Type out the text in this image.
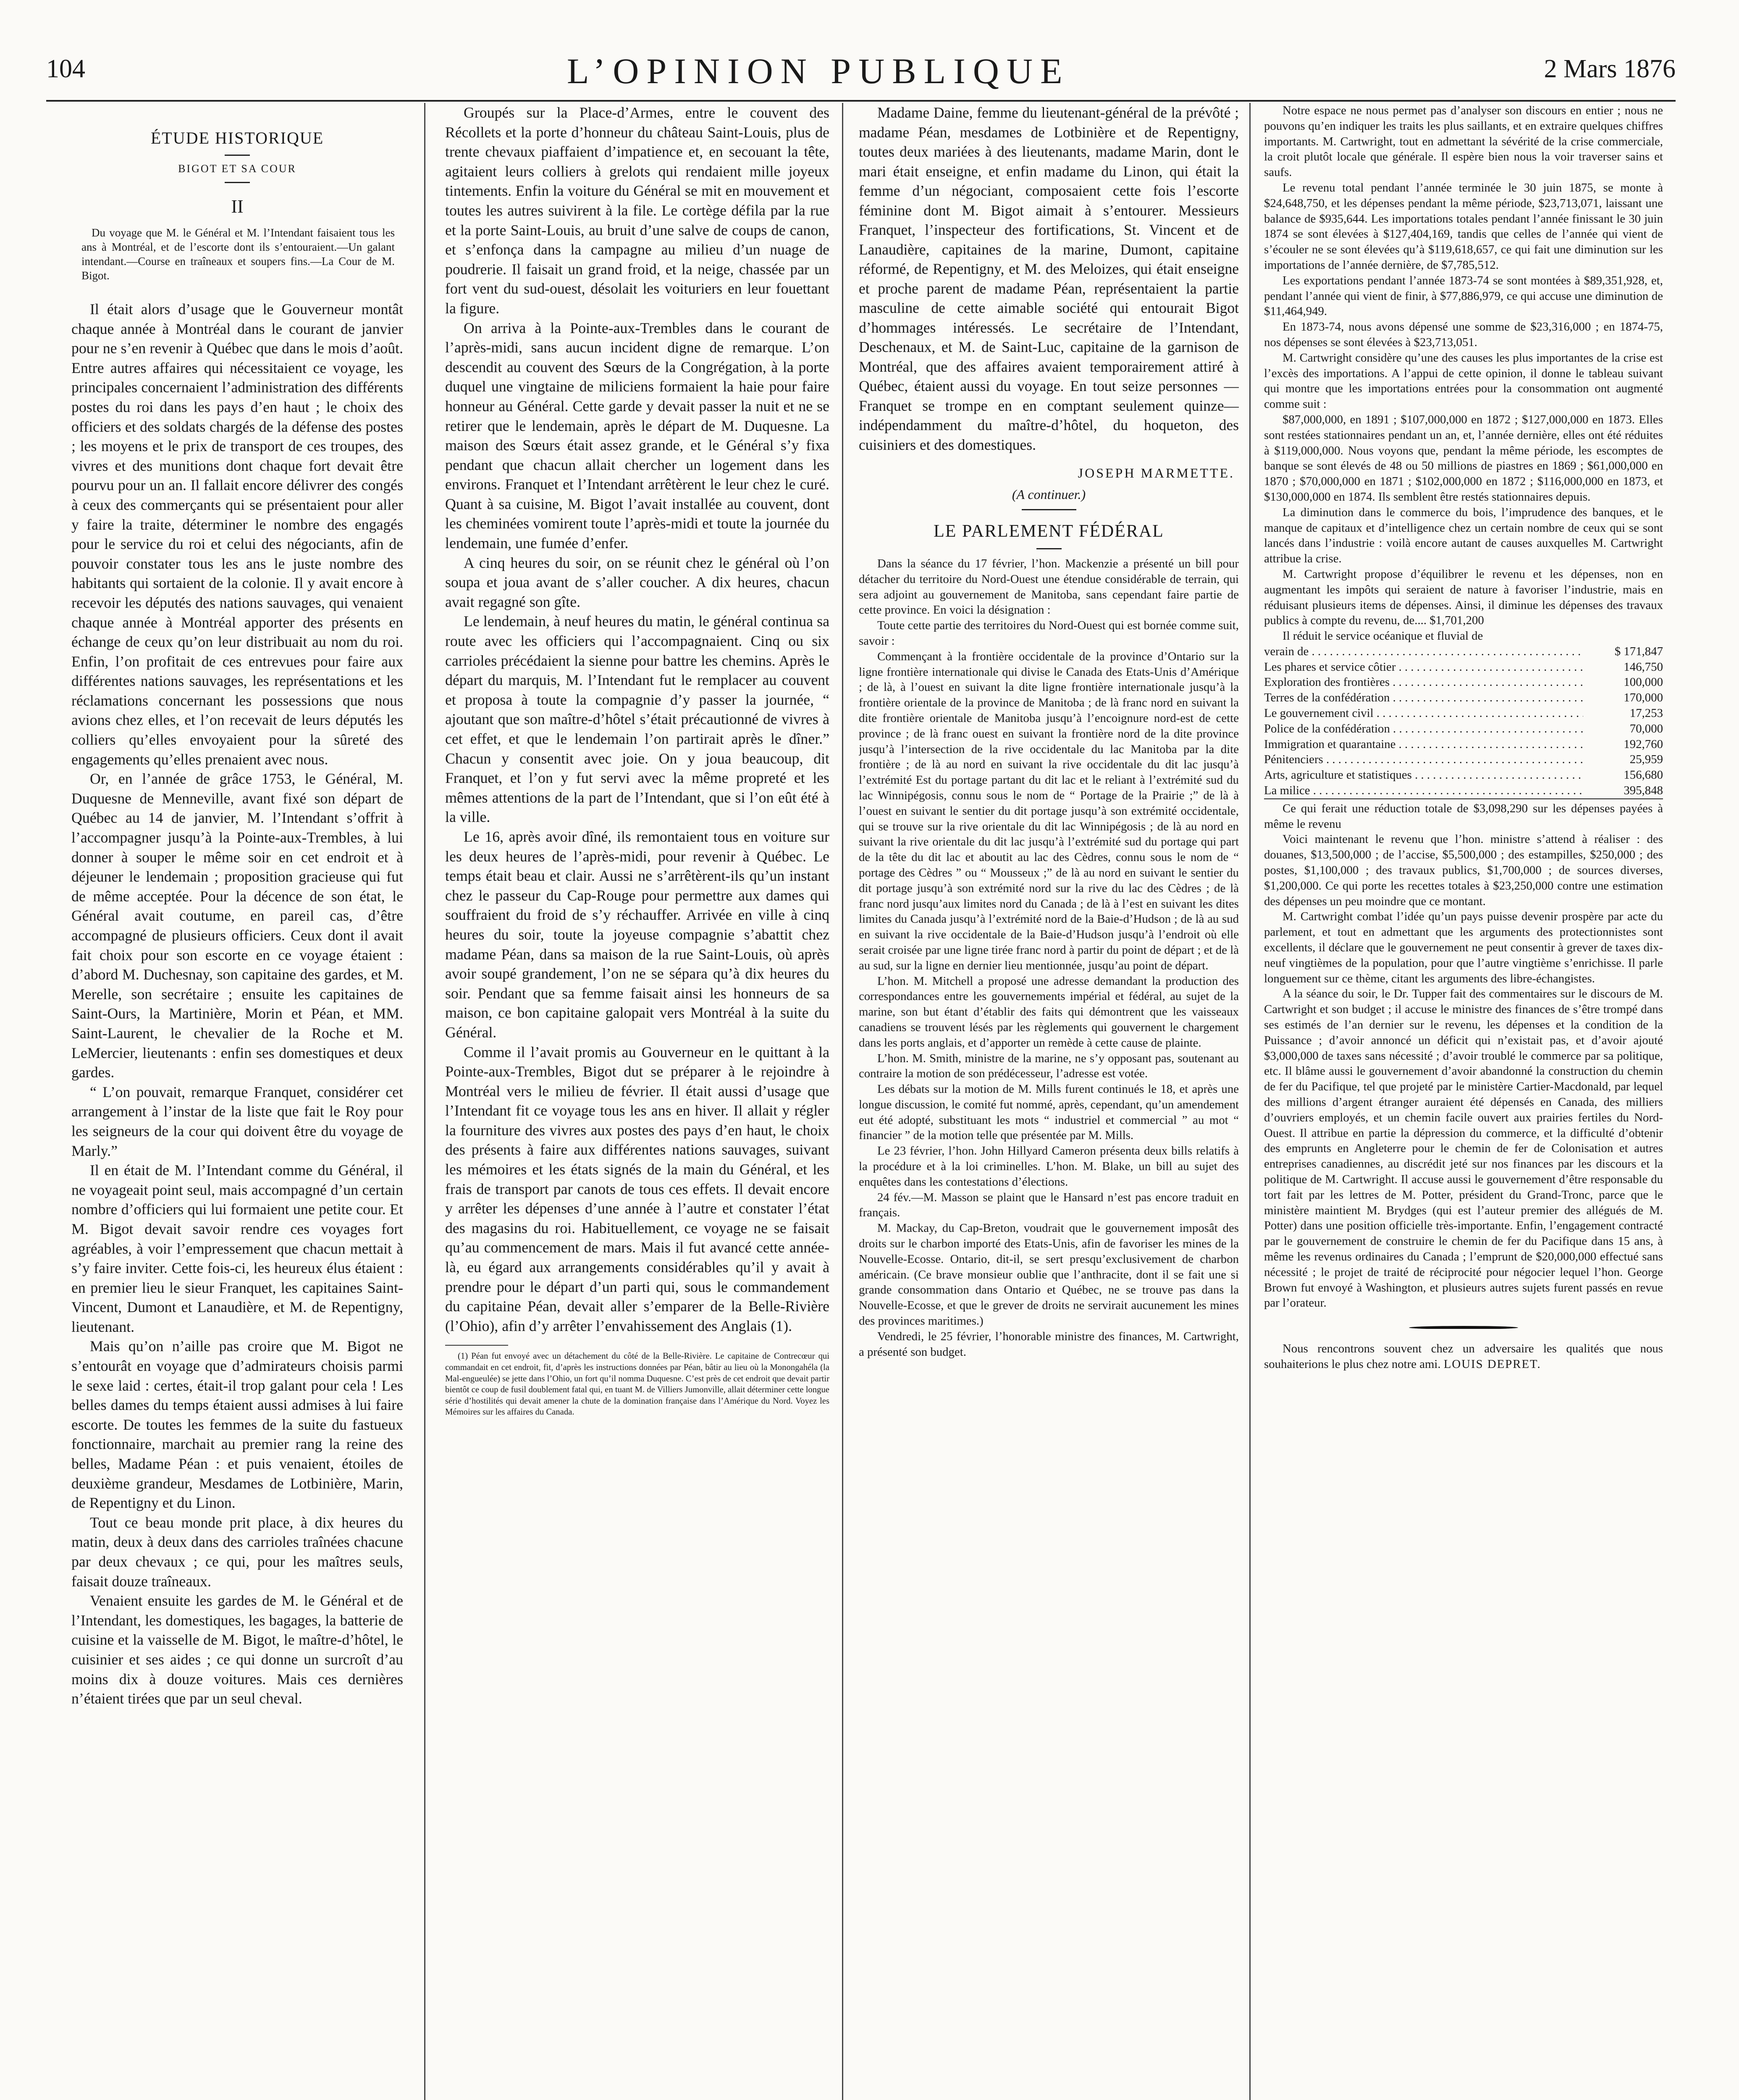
104	L’OPINION PUBLIQUE	2 Mars 1876
ÉTUDE HISTORIQUE
BIGOT ET SA COUR
II
Du voyage que M. le Général et M. l’Intendant faisaient tous les ans à Montréal, et de l’escorte dont ils s’entouraient.—Un galant intendant.—Course en traîneaux et soupers fins.—La Cour de M. Bigot.

Il était alors d’usage que le Gouverneur montât chaque année à Montréal dans le courant de janvier pour ne s’en revenir à Québec que dans le mois d’août. Entre autres affaires qui nécessitaient ce voyage, les principales concernaient l’administration des différents postes du roi dans les pays d’en haut ; le choix des officiers et des soldats chargés de la défense des postes ; les moyens et le prix de transport de ces troupes, des vivres et des munitions dont chaque fort devait être pourvu pour un an. Il fallait encore délivrer des congés à ceux des commerçants qui se présentaient pour aller y faire la traite, déterminer le nombre des engagés pour le service du roi et celui des négociants, afin de pouvoir constater tous les ans le juste nombre des habitants qui sortaient de la colonie. Il y avait encore à recevoir les députés des nations sauvages, qui venaient chaque année à Montréal apporter des présents en échange de ceux qu’on leur distribuait au nom du roi. Enfin, l’on profitait de ces entrevues pour faire aux différentes nations sauvages, les représentations et les réclamations concernant les possessions que nous avions chez elles, et l’on recevait de leurs députés les colliers qu’elles envoyaient pour la sûreté des engagements qu’elles prenaient avec nous.

Or, en l’année de grâce 1753, le Général, M. Duquesne de Menneville, avant fixé son départ de Québec au 14 de janvier, M. l’Intendant s’offrit à l’accompagner jusqu’à la Pointe-aux-Trembles, à lui donner à souper le même soir en cet endroit et à déjeuner le lendemain ; proposition gracieuse qui fut de même acceptée. Pour la décence de son état, le Général avait coutume, en pareil cas, d’être accompagné de plusieurs officiers. Ceux dont il avait fait choix pour son escorte en ce voyage étaient : d’abord M. Duchesnay, son capitaine des gardes, et M. Merelle, son secrétaire ; ensuite les capitaines de Saint-Ours, la Martinière, Morin et Péan, et MM. Saint-Laurent, le chevalier de la Roche et M. LeMercier, lieutenants : enfin ses domestiques et deux gardes.

“ L’on pouvait, remarque Franquet, considérer cet arrangement à l’instar de la liste que fait le Roy pour les seigneurs de la cour qui doivent être du voyage de Marly.”

Il en était de M. l’Intendant comme du Général, il ne voyageait point seul, mais accompagné d’un certain nombre d’officiers qui lui formaient une petite cour. Et M. Bigot devait savoir rendre ces voyages fort agréables, à voir l’empressement que chacun mettait à s’y faire inviter. Cette fois-ci, les heureux élus étaient : en premier lieu le sieur Franquet, les capitaines Saint-Vincent, Dumont et Lanaudière, et M. de Repentigny, lieutenant.

Mais qu’on n’aille pas croire que M. Bigot ne s’entourât en voyage que d’admirateurs choisis parmi le sexe laid : certes, était-il trop galant pour cela ! Les belles dames du temps étaient aussi admises à lui faire escorte. De toutes les femmes de la suite du fastueux fonctionnaire, marchait au premier rang la reine des belles, Madame Péan : et puis venaient, étoiles de deuxième grandeur, Mesdames de Lotbinière, Marin, de Repentigny et du Linon.

Tout ce beau monde prit place, à dix heures du matin, deux à deux dans des carrioles traînées chacune par deux chevaux ; ce qui, pour les maîtres seuls, faisait douze traîneaux.

Venaient ensuite les gardes de M. le Général et de l’Intendant, les domestiques, les bagages, la batterie de cuisine et la vaisselle de M. Bigot, le maître-d’hôtel, le cuisinier et ses aides ; ce qui donne un surcroît d’au moins dix à douze voitures. Mais ces dernières n’étaient tirées que par un seul cheval.

Groupés sur la Place-d’Armes, entre le couvent des Récollets et la porte d’honneur du château Saint-Louis, plus de trente chevaux piaffaient d’impatience et, en secouant la tête, agitaient leurs colliers à grelots qui rendaient mille joyeux tintements. Enfin la voiture du Général se mit en mouvement et toutes les autres suivirent à la file. Le cortège défila par la rue et la porte Saint-Louis, au bruit d’une salve de coups de canon, et s’enfonça dans la campagne au milieu d’un nuage de poudrerie. Il faisait un grand froid, et la neige, chassée par un fort vent du sud-ouest, désolait les voituriers en leur fouettant la figure.

On arriva à la Pointe-aux-Trembles dans le courant de l’après-midi, sans aucun incident digne de remarque. L’on descendit au couvent des Sœurs de la Congrégation, à la porte duquel une vingtaine de miliciens formaient la haie pour faire honneur au Général. Cette garde y devait passer la nuit et ne se retirer que le lendemain, après le départ de M. Duquesne. La maison des Sœurs était assez grande, et le Général s’y fixa pendant que chacun allait chercher un logement dans les environs. Franquet et l’Intendant arrêtèrent le leur chez le curé. Quant à sa cuisine, M. Bigot l’avait installée au couvent, dont les cheminées vomirent toute l’après-midi et toute la journée du lendemain, une fumée d’enfer.

A cinq heures du soir, on se réunit chez le général où l’on soupa et joua avant de s’aller coucher. A dix heures, chacun avait regagné son gîte.

Le lendemain, à neuf heures du matin, le général continua sa route avec les officiers qui l’accompagnaient. Cinq ou six carrioles précédaient la sienne pour battre les chemins. Après le départ du marquis, M. l’Intendant fut le remplacer au couvent et proposa à toute la compagnie d’y passer la journée, “ ajoutant que son maître-d’hôtel s’était précautionné de vivres à cet effet, et que le lendemain l’on partirait après le dîner.” Chacun y consentit avec joie. On y joua beaucoup, dit Franquet, et l’on y fut servi avec la même propreté et les mêmes attentions de la part de l’Intendant, que si l’on eût été à la ville.

Le 16, après avoir dîné, ils remontaient tous en voiture sur les deux heures de l’après-midi, pour revenir à Québec. Le temps était beau et clair. Aussi ne s’arrêtèrent-ils qu’un instant chez le passeur du Cap-Rouge pour permettre aux dames qui souffraient du froid de s’y réchauffer. Arrivée en ville à cinq heures du soir, toute la joyeuse compagnie s’abattit chez madame Péan, dans sa maison de la rue Saint-Louis, où après avoir soupé grandement, l’on ne se sépara qu’à dix heures du soir. Pendant que sa femme faisait ainsi les honneurs de sa maison, ce bon capitaine galopait vers Montréal à la suite du Général.

Comme il l’avait promis au Gouverneur en le quittant à la Pointe-aux-Trembles, Bigot dut se préparer à le rejoindre à Montréal vers le milieu de février. Il était aussi d’usage que l’Intendant fit ce voyage tous les ans en hiver. Il allait y régler la fourniture des vivres aux postes des pays d’en haut, le choix des présents à faire aux différentes nations sauvages, suivant les mémoires et les états signés de la main du Général, et les frais de transport par canots de tous ces effets. Il devait encore y arrêter les dépenses d’une année à l’autre et constater l’état des magasins du roi. Habituellement, ce voyage ne se faisait qu’au commencement de mars. Mais il fut avancé cette année-là, eu égard aux arrangements considérables qu’il y avait à prendre pour le départ d’un parti qui, sous le commandement du capitaine Péan, devait aller s’emparer de la Belle-Rivière (l’Ohio), afin d’y arrêter l’envahissement des Anglais (1).

(1) Péan fut envoyé avec un détachement du côté de la Belle-Rivière. Le capitaine de Contrecœur qui commandait en cet endroit, fit, d’après les instructions données par Péan, bâtir au lieu où la Monongahéla (la Mal-engueulée) se jette dans l’Ohio, un fort qu’il nomma Duquesne. C’est près de cet endroit que devait partir bientôt ce coup de fusil doublement fatal qui, en tuant M. de Villiers Jumonville, allait déterminer cette longue série d’hostilités qui devait amener la chute de la domination française dans l’Amérique du Nord. Voyez les Mémoires sur les affaires du Canada.

Madame Daine, femme du lieutenant-général de la prévôté ; madame Péan, mesdames de Lotbinière et de Repentigny, toutes deux mariées à des lieutenants, madame Marin, dont le mari était enseigne, et enfin madame du Linon, qui était la femme d’un négociant, composaient cette fois l’escorte féminine dont M. Bigot aimait à s’entourer. Messieurs Franquet, l’inspecteur des fortifications, St. Vincent et de Lanaudière, capitaines de la marine, Dumont, capitaine réformé, de Repentigny, et M. des Meloizes, qui était enseigne et proche parent de madame Péan, représentaient la partie masculine de cette aimable société qui entourait Bigot d’hommages intéressés. Le secrétaire de l’Intendant, Deschenaux, et M. de Saint-Luc, capitaine de la garnison de Montréal, que des affaires avaient temporairement attiré à Québec, étaient aussi du voyage. En tout seize personnes — Franquet se trompe en en comptant seulement quinze—indépendamment du maître-d’hôtel, du hoqueton, des cuisiniers et des domestiques.

JOSEPH MARMETTE.
(A continuer.)
LE PARLEMENT FÉDÉRAL

Dans la séance du 17 février, l’hon. Mackenzie a présenté un bill pour détacher du territoire du Nord-Ouest une étendue considérable de terrain, qui sera adjoint au gouvernement de Manitoba, sans cependant faire partie de cette province. En voici la désignation :

Toute cette partie des territoires du Nord-Ouest qui est bornée comme suit, savoir :

Commençant à la frontière occidentale de la province d’Ontario sur la ligne frontière internationale qui divise le Canada des Etats-Unis d’Amérique ; de là, à l’ouest en suivant la dite ligne frontière internationale jusqu’à la frontière orientale de la province de Manitoba ; de là franc nord en suivant la dite frontière orientale de Manitoba jusqu’à l’encoignure nord-est de cette province ; de là franc ouest en suivant la frontière nord de la dite province jusqu’à l’intersection de la rive occidentale du lac Manitoba par la dite frontière ; de là au nord en suivant la rive occidentale du dit lac jusqu’à l’extrémité Est du portage partant du dit lac et le reliant à l’extrémité sud du lac Winnipégosis, connu sous le nom de “ Portage de la Prairie ;” de là à l’ouest en suivant le sentier du dit portage jusqu’à son extrémité occidentale, qui se trouve sur la rive orientale du dit lac Winnipégosis ; de là au nord en suivant la rive orientale du dit lac jusqu’à l’extrémité sud du portage qui part de la tête du dit lac et aboutit au lac des Cèdres, connu sous le nom de “ portage des Cèdres ” ou “ Mousseux ;” de là au nord en suivant le sentier du dit portage jusqu’à son extrémité nord sur la rive du lac des Cèdres ; de là franc nord jusqu’aux limites nord du Canada ; de là à l’est en suivant les dites limites du Canada jusqu’à l’extrémité nord de la Baie-d’Hudson ; de là au sud en suivant la rive occidentale de la Baie-d’Hudson jusqu’à l’endroit où elle serait croisée par une ligne tirée franc nord à partir du point de départ ; et de là au sud, sur la ligne en dernier lieu mentionnée, jusqu’au point de départ.

L’hon. M. Mitchell a proposé une adresse demandant la production des correspondances entre les gouvernements impérial et fédéral, au sujet de la marine, son but étant d’établir des faits qui démontrent que les vaisseaux canadiens se trouvent lésés par les règlements qui gouvernent le chargement dans les ports anglais, et d’apporter un remède à cette cause de plainte.

L’hon. M. Smith, ministre de la marine, ne s’y opposant pas, soutenant au contraire la motion de son prédécesseur, l’adresse est votée.

Les débats sur la motion de M. Mills furent continués le 18, et après une longue discussion, le comité fut nommé, après, cependant, qu’un amendement eut été adopté, substituant les mots “ industriel et commercial ” au mot “ financier ” de la motion telle que présentée par M. Mills.

Le 23 février, l’hon. John Hillyard Cameron présenta deux bills relatifs à la procédure et à la loi criminelles. L’hon. M. Blake, un bill au sujet des enquêtes dans les contestations d’élections.

24 fév.—M. Masson se plaint que le Hansard n’est pas encore traduit en français.

M. Mackay, du Cap-Breton, voudrait que le gouvernement imposât des droits sur le charbon importé des Etats-Unis, afin de favoriser les mines de la Nouvelle-Ecosse. Ontario, dit-il, se sert presqu’exclusivement de charbon américain. (Ce brave monsieur oublie que l’anthracite, dont il se fait une si grande consommation dans Ontario et Québec, ne se trouve pas dans la Nouvelle-Ecosse, et que le grever de droits ne servirait aucunement les mines des provinces maritimes.)

Vendredi, le 25 février, l’honorable ministre des finances, M. Cartwright, a présenté son budget.

Notre espace ne nous permet pas d’analyser son discours en entier ; nous ne pouvons qu’en indiquer les traits les plus saillants, et en extraire quelques chiffres importants. M. Cartwright, tout en admettant la sévérité de la crise commerciale, la croit plutôt locale que générale. Il espère bien nous la voir traverser sains et saufs.

Le revenu total pendant l’année terminée le 30 juin 1875, se monte à $24,648,750, et les dépenses pendant la même période, $23,713,071, laissant une balance de $935,644. Les importations totales pendant l’année finissant le 30 juin 1874 se sont élevées à $127,404,169, tandis que celles de l’année qui vient de s’écouler ne se sont élevées qu’à $119,618,657, ce qui fait une diminution sur les importations de l’année dernière, de $7,785,512.

Les exportations pendant l’année 1873-74 se sont montées à $89,351,928, et, pendant l’année qui vient de finir, à $77,886,979, ce qui accuse une diminution de $11,464,949.

En 1873-74, nous avons dépensé une somme de $23,316,000 ; en 1874-75, nos dépenses se sont élevées à $23,713,051.

M. Cartwright considère qu’une des causes les plus importantes de la crise est l’excès des importations. A l’appui de cette opinion, il donne le tableau suivant qui montre que les importations entrées pour la consommation ont augmenté comme suit :

$87,000,000, en 1891 ; $107,000,000 en 1872 ; $127,000,000 en 1873. Elles sont restées stationnaires pendant un an, et, l’année dernière, elles ont été réduites à $119,000,000. Nous voyons que, pendant la même période, les escomptes de banque se sont élevés de 48 ou 50 millions de piastres en 1869 ; $61,000,000 en 1870 ; $70,000,000 en 1871 ; $102,000,000 en 1872 ; $116,000,000 en 1873, et $130,000,000 en 1874. Ils semblent être restés stationnaires depuis.

La diminution dans le commerce du bois, l’imprudence des banques, et le manque de capitaux et d’intelligence chez un certain nombre de ceux qui se sont lancés dans l’industrie : voilà encore autant de causes auxquelles M. Cartwright attribue la crise.

M. Cartwright propose d’équilibrer le revenu et les dépenses, non en augmentant les impôts qui seraient de nature à favoriser l’industrie, mais en réduisant plusieurs items de dépenses. Ainsi, il diminue les dépenses des travaux publics à compte du revenu, de.... $1,701,200

Il réduit le service océanique et fluvial de

verain de . . .	$ 171,847
Les phares et service côtier . . .	146,750
Exploration des frontières . . .	100,000
Terres de la confédération . . .	170,000
Le gouvernement civil . . .	17,253
Police de la confédération . . .	70,000
Immigration et quarantaine . . .	192,760
Pénitenciers . . .	25,959
Arts, agriculture et statistiques . . .	156,680
La milice . . .	395,848

Ce qui ferait une réduction totale de $3,098,290 sur les dépenses payées à même le revenu

Voici maintenant le revenu que l’hon. ministre s’attend à réaliser : des douanes, $13,500,000 ; de l’accise, $5,500,000 ; des estampilles, $250,000 ; des postes, $1,100,000 ; des travaux publics, $1,700,000 ; de sources diverses, $1,200,000. Ce qui porte les recettes totales à $23,250,000 contre une estimation des dépenses un peu moindre que ce montant.

M. Cartwright combat l’idée qu’un pays puisse devenir prospère par acte du parlement, et tout en admettant que les arguments des protectionnistes sont excellents, il déclare que le gouvernement ne peut consentir à grever de taxes dix-neuf vingtièmes de la population, pour que l’autre vingtième s’enrichisse. Il parle longuement sur ce thème, citant les arguments des libre-échangistes.

A la séance du soir, le Dr. Tupper fait des commentaires sur le discours de M. Cartwright et son budget ; il accuse le ministre des finances de s’être trompé dans ses estimés de l’an dernier sur le revenu, les dépenses et la condition de la Puissance ; d’avoir annoncé un déficit qui n’existait pas, et d’avoir ajouté $3,000,000 de taxes sans nécessité ; d’avoir troublé le commerce par sa politique, etc. Il blâme aussi le gouvernement d’avoir abandonné la construction du chemin de fer du Pacifique, tel que projeté par le ministère Cartier-Macdonald, par lequel des millions d’argent étranger auraient été dépensés en Canada, des milliers d’ouvriers employés, et un chemin facile ouvert aux prairies fertiles du Nord-Ouest. Il attribue en partie la dépression du commerce, et la difficulté d’obtenir des emprunts en Angleterre pour le chemin de fer de Colonisation et autres entreprises canadiennes, au discrédit jeté sur nos finances par les discours et la politique de M. Cartwright. Il accuse aussi le gouvernement d’être responsable du tort fait par les lettres de M. Potter, président du Grand-Tronc, parce que le ministère maintient M. Brydges (qui est l’auteur premier des allégués de M. Potter) dans une position officielle très-importante. Enfin, l’engagement contracté par le gouvernement de construire le chemin de fer du Pacifique dans 15 ans, à même les revenus ordinaires du Canada ; l’emprunt de $20,000,000 effectué sans nécessité ; le projet de traité de réciprocité pour négocier lequel l’hon. George Brown fut envoyé à Washington, et plusieurs autres sujets furent passés en revue par l’orateur.

Nous rencontrons souvent chez un adversaire les qualités que nous souhaiterions le plus chez notre ami. LOUIS DEPRET.
